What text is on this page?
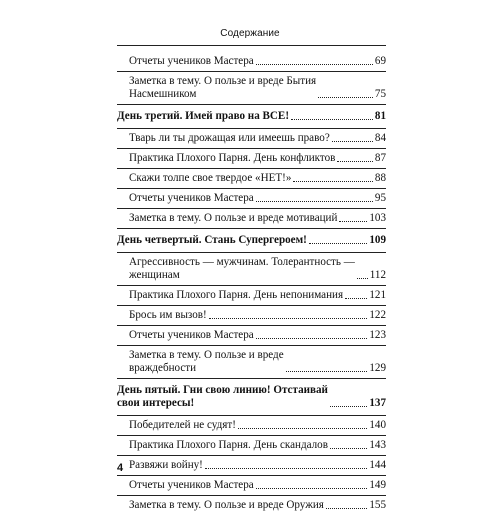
Содержание
Отчеты учеников Мастера	69
Заметка в тему. О пользе и вреде Бытия
Насмешником	75
День третий. Имей право на ВСЕ!	81
Тварь ли ты дрожащая или имеешь право?	84
Практика Плохого Парня. День конфликтов	87
Скажи толпе свое твердое «НЕТ!»	88
Отчеты учеников Мастера	95
Заметка в тему. О пользе и вреде мотиваций	103
День четвертый. Стань Супергероем!	109
Агрессивность — мужчинам. Толерантность —
женщинам	112
Практика Плохого Парня. День непонимания 121
Брось им вызов!	122
Отчеты учеников Мастера	123
Заметка в тему. О пользе и вреде
враждебности	129
День пятый. Гни свою линию! Отстаивай
свои интересы!	137
Победителей не судят!	140
Практика Плохого Парня. День скандалов	143
Развяжи войну!	144
Отчеты учеников Мастера	149
Заметка в тему. О пользе и вреде Оружия	155
4
